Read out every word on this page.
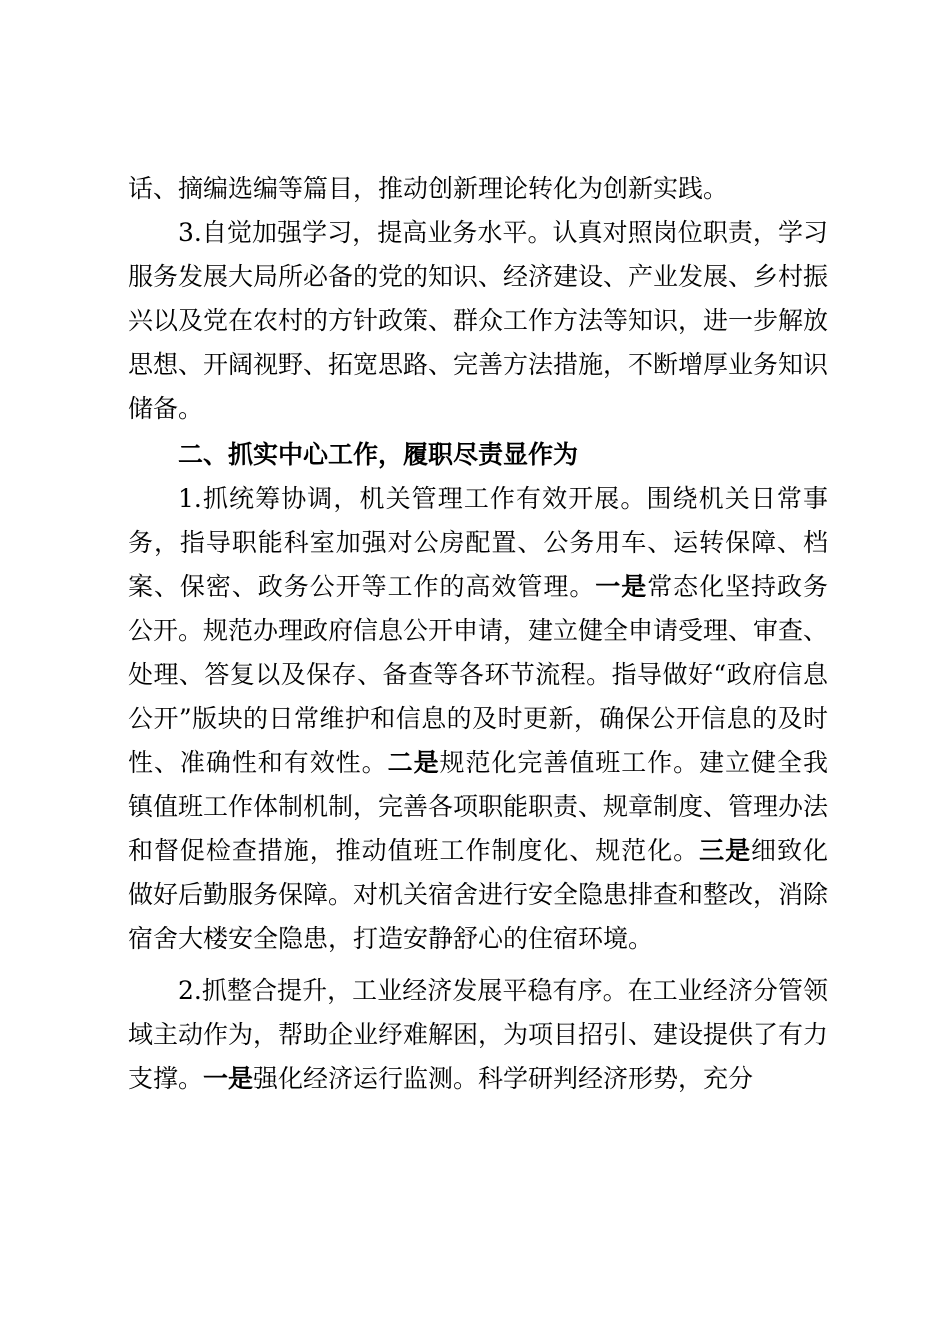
话、摘编选编等篇目，推动创新理论转化为创新实践。

3.自觉加强学习，提高业务水平。认真对照岗位职责，学习服务发展大局所必备的党的知识、经济建设、产业发展、乡村振兴以及党在农村的方针政策、群众工作方法等知识，进一步解放思想、开阔视野、拓宽思路、完善方法措施，不断增厚业务知识储备。

二、抓实中心工作，履职尽责显作为

1.抓统筹协调，机关管理工作有效开展。围绕机关日常事务，指导职能科室加强对公房配置、公务用车、运转保障、档案、保密、政务公开等工作的高效管理。一是常态化坚持政务公开。规范办理政府信息公开申请，建立健全申请受理、审查、处理、答复以及保存、备查等各环节流程。指导做好“政府信息公开”版块的日常维护和信息的及时更新，确保公开信息的及时性、准确性和有效性。二是规范化完善值班工作。建立健全我镇值班工作体制机制，完善各项职能职责、规章制度、管理办法和督促检查措施，推动值班工作制度化、规范化。三是细致化做好后勤服务保障。对机关宿舍进行安全隐患排查和整改，消除宿舍大楼安全隐患，打造安静舒心的住宿环境。

2.抓整合提升，工业经济发展平稳有序。在工业经济分管领域主动作为，帮助企业纾难解困，为项目招引、建设提供了有力支撑。一是强化经济运行监测。科学研判经济形势，充分
